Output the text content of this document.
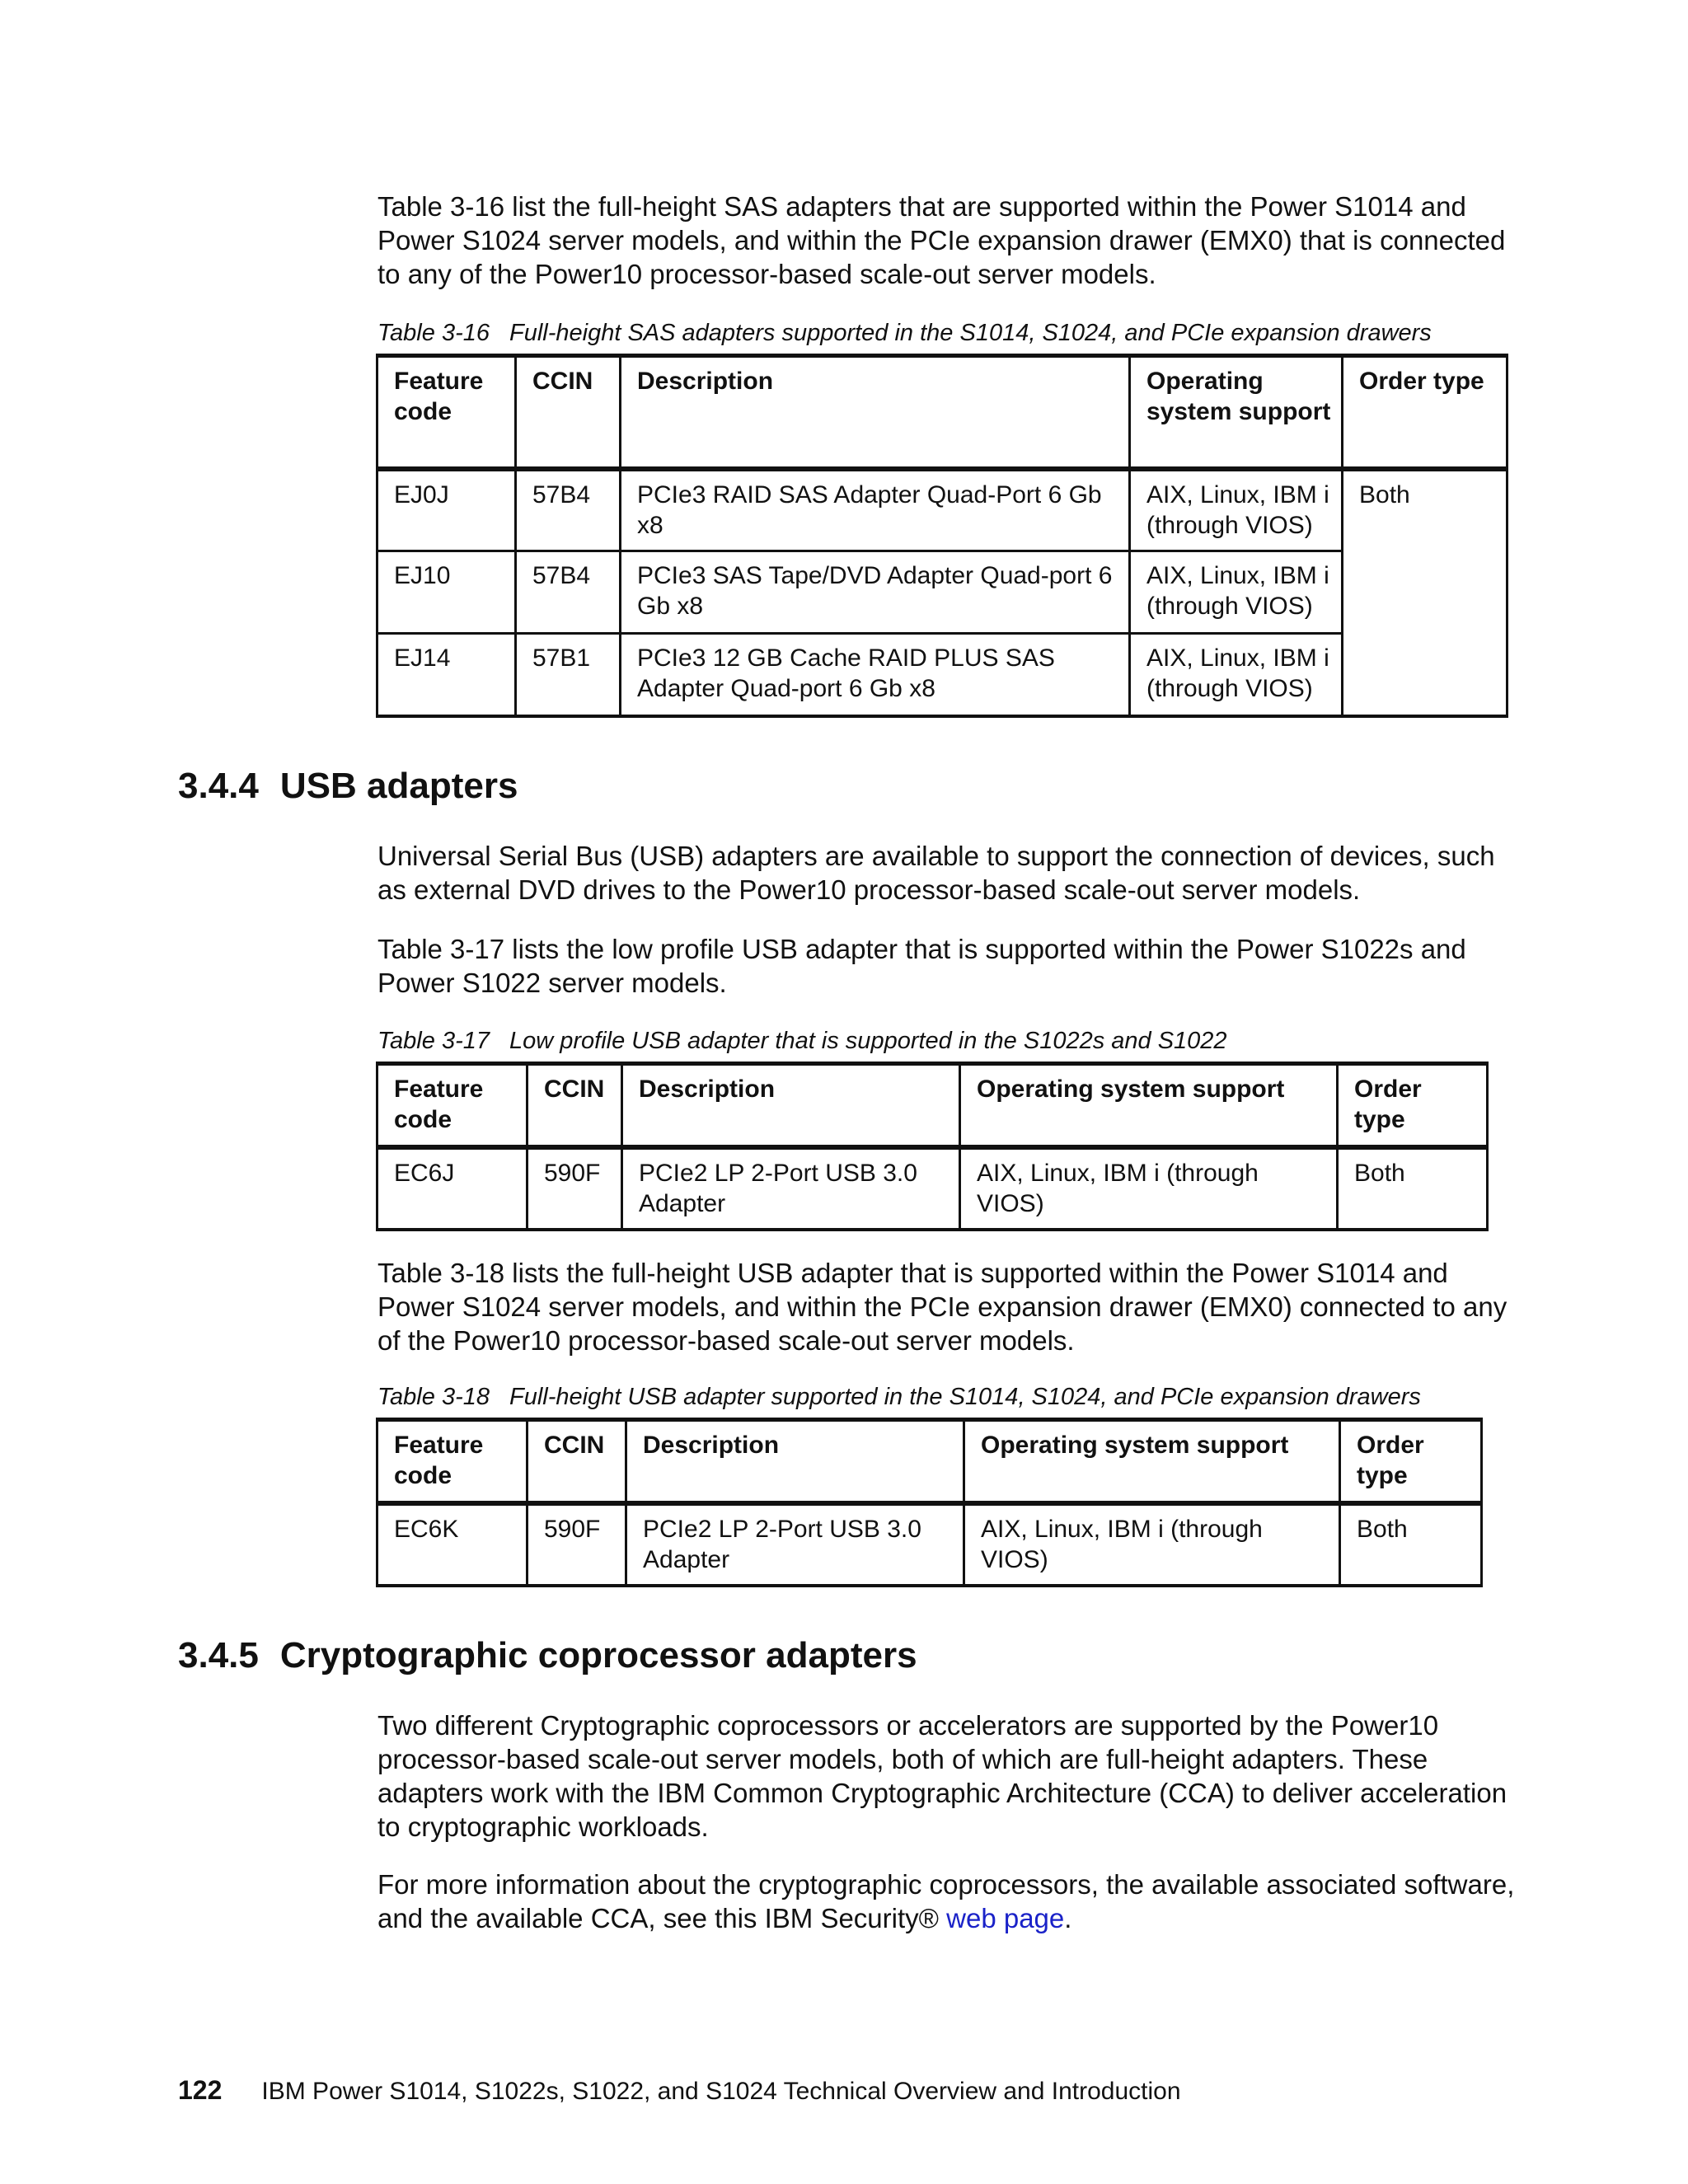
Table 3-16 list the full-height SAS adapters that are supported within the Power S1014 and Power S1024 server models, and within the PCIe expansion drawer (EMX0) that is connected to any of the Power10 processor-based scale-out server models.

Table 3-16 Full-height SAS adapters supported in the S1014, S1024, and PCIe expansion drawers
Feature code	CCIN	Description	Operating system support	Order type
EJ0J	57B4	PCIe3 RAID SAS Adapter Quad-Port 6 Gb x8	AIX, Linux, IBM i (through VIOS)	Both
EJ10	57B4	PCIe3 SAS Tape/DVD Adapter Quad-port 6 Gb x8	AIX, Linux, IBM i (through VIOS)	
EJ14	57B1	PCIe3 12 GB Cache RAID PLUS SAS Adapter Quad-port 6 Gb x8	AIX, Linux, IBM i (through VIOS)	
3.4.4 USB adapters

Universal Serial Bus (USB) adapters are available to support the connection of devices, such as external DVD drives to the Power10 processor-based scale-out server models.

Table 3-17 lists the low profile USB adapter that is supported within the Power S1022s and Power S1022 server models.

Table 3-17 Low profile USB adapter that is supported in the S1022s and S1022
Feature code	CCIN	Description	Operating system support	Order type
EC6J	590F	PCIe2 LP 2-Port USB 3.0 Adapter	AIX, Linux, IBM i (through VIOS)	Both

Table 3-18 lists the full-height USB adapter that is supported within the Power S1014 and Power S1024 server models, and within the PCIe expansion drawer (EMX0) connected to any of the Power10 processor-based scale-out server models.

Table 3-18 Full-height USB adapter supported in the S1014, S1024, and PCIe expansion drawers
Feature code	CCIN	Description	Operating system support	Order type
EC6K	590F	PCIe2 LP 2-Port USB 3.0 Adapter	AIX, Linux, IBM i (through VIOS)	Both
3.4.5 Cryptographic coprocessor adapters

Two different Cryptographic coprocessors or accelerators are supported by the Power10 processor-based scale-out server models, both of which are full-height adapters. These adapters work with the IBM Common Cryptographic Architecture (CCA) to deliver acceleration to cryptographic workloads.

For more information about the cryptographic coprocessors, the available associated software, and the available CCA, see this IBM Security® web page.

122 IBM Power S1014, S1022s, S1022, and S1024 Technical Overview and Introduction
